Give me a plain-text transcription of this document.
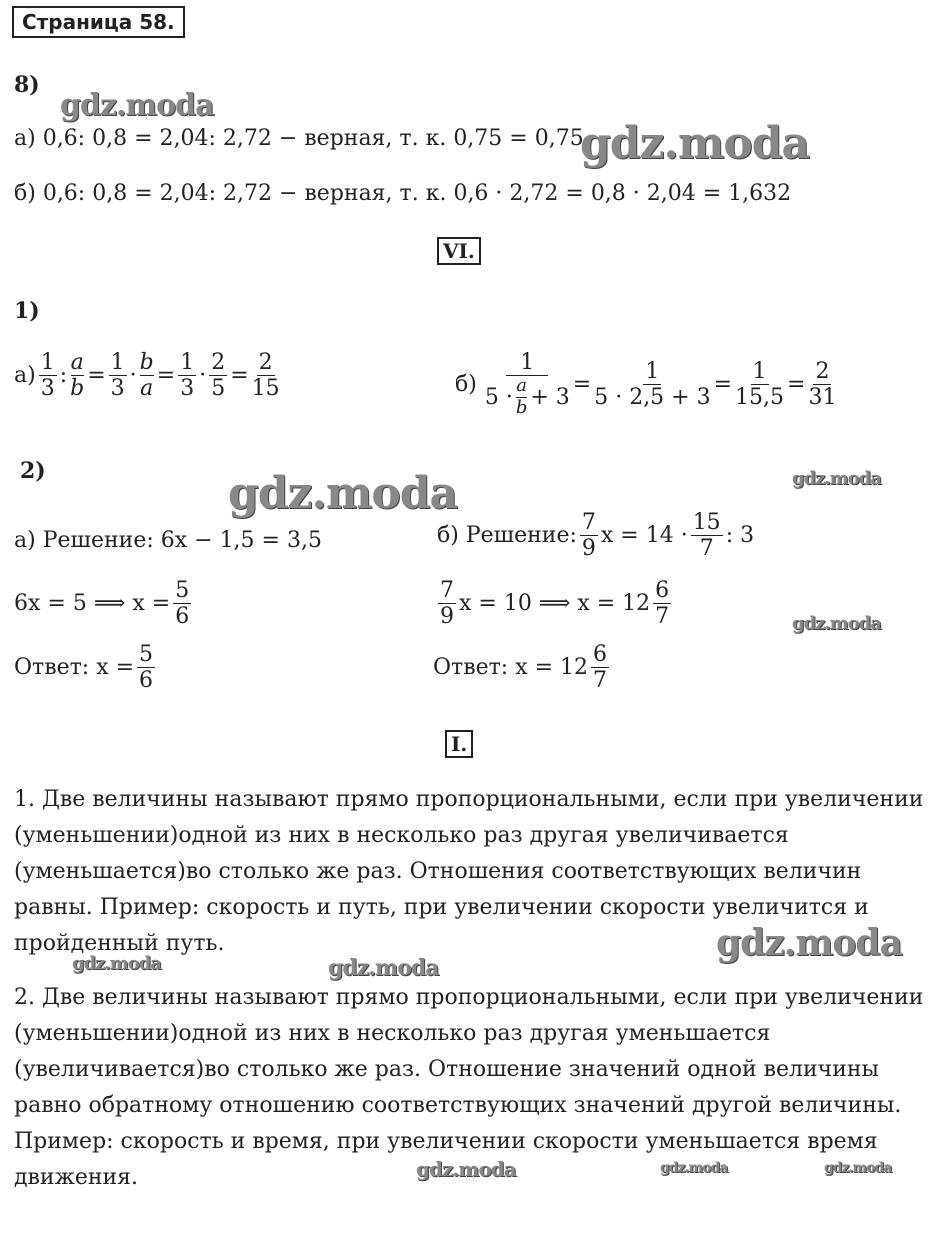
Страница 58.
8)
а) 0,6: 0,8 = 2,04: 2,72 − верная, т. к. 0,75 = 0,75
б) 0,6: 0,8 = 2,04: 2,72 − верная, т. к. 0,6 · 2,72 = 0,8 · 2,04 = 1,632
VI.
1)
а)
1
3
: $\frac{a}{b} = \frac{1}{3} \cdot \frac{b}{a} = \frac{1}{3} \cdot \frac{2}{5} = \frac{2}{15}$	б) 1
5 · a
$b + 3 = \frac{1}{5 \cdot 2,5 + 3} = \frac{1}{15,5} = \frac{2}{31}$
2)
а) Решение: 6x − 1,5 = 3,5
6x = 5 ⟹ $x = \frac{5}{6}$
Ответ: $x = \frac{5}{6}$
б) Решение:
7
9
x = 14 ·
15
7
: 3
7
9
x = 10 ⟹ x = 12
6
7
Ответ: x = 12
6
7
I.
1. Две величины называют прямо пропорциональными, если при увеличении (уменьшении)одной из них в несколько раз другая увеличивается (уменьшается)во столько же раз. Отношения соответствующих величин равны. Пример: скорость и путь, при увеличении скорости увеличится и пройденный путь.
2. Две величины называют прямо пропорциональными, если при увеличении (уменьшении)одной из них в несколько раз другая уменьшается (увеличивается)во столько же раз. Отношение значений одной величины равно обратному отношению соответствующих значений другой величины. Пример: скорость и время, при увеличении скорости уменьшается время движения.
gdz.moda
gdz.moda
gdz.moda	gdz.moda
gdz.moda
gdz.moda
gdz.moda	gdz.moda
gdz.moda	gdz.moda	gdz.moda
